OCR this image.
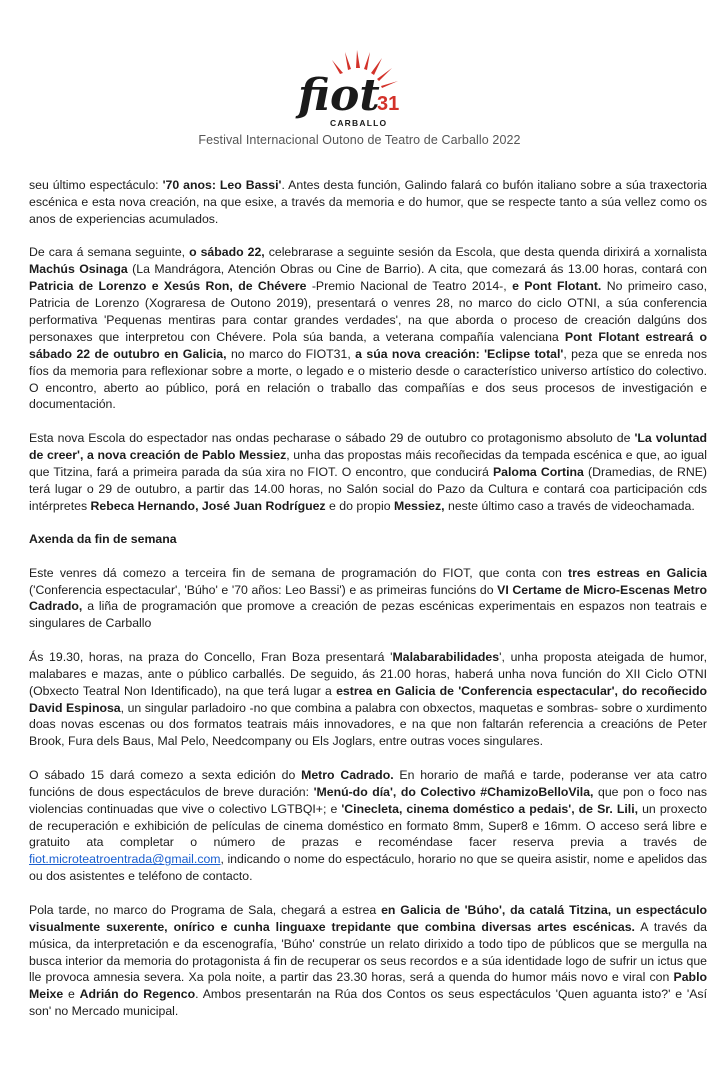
fiot
31
CARBALLO
Festival Internacional Outono de Teatro de Carballo 2022

seu último espectáculo: '70 anos: Leo Bassi'. Antes desta función, Galindo falará co bufón italiano sobre a súa traxectoria escénica e esta nova creación, na que esixe, a través da memoria e do humor, que se respecte tanto a súa vellez como os anos de experiencias acumulados.

De cara á semana seguinte, o sábado 22, celebrarase a seguinte sesión da Escola, que desta quenda dirixirá a xornalista Machús Osinaga (La Mandrágora, Atención Obras ou Cine de Barrio). A cita, que comezará ás 13.00 horas, contará con Patricia de Lorenzo e Xesús Ron, de Chévere -Premio Nacional de Teatro 2014-, e Pont Flotant. No primeiro caso, Patricia de Lorenzo (Xograresa de Outono 2019), presentará o venres 28, no marco do ciclo OTNI, a súa conferencia performativa 'Pequenas mentiras para contar grandes verdades', na que aborda o proceso de creación dalgúns dos personaxes que interpretou con Chévere. Pola súa banda, a veterana compañía valenciana Pont Flotant estreará o sábado 22 de outubro en Galicia, no marco do FIOT31, a súa nova creación: 'Eclipse total', peza que se enreda nos fíos da memoria para reflexionar sobre a morte, o legado e o misterio desde o característico universo artístico do colectivo. O encontro, aberto ao público, porá en relación o traballo das compañías e dos seus procesos de investigación e documentación.

Esta nova Escola do espectador nas ondas pecharase o sábado 29 de outubro co protagonismo absoluto de 'La voluntad de creer', a nova creación de Pablo Messiez, unha das propostas máis recoñecidas da tempada escénica e que, ao igual que Titzina, fará a primeira parada da súa xira no FIOT. O encontro, que conducirá Paloma Cortina (Dramedias, de RNE) terá lugar o 29 de outubro, a partir das 14.00 horas, no Salón social do Pazo da Cultura e contará coa participación cds intérpretes Rebeca Hernando, José Juan Rodríguez e do propio Messiez, neste último caso a través de videochamada.

Axenda da fin de semana

Este venres dá comezo a terceira fin de semana de programación do FIOT, que conta con tres estreas en Galicia ('Conferencia espectacular', 'Búho' e '70 años: Leo Bassi') e as primeiras funcións do VI Certame de Micro-Escenas Metro Cadrado, a liña de programación que promove a creación de pezas escénicas experimentais en espazos non teatrais e singulares de Carballo

Ás 19.30, horas, na praza do Concello, Fran Boza presentará 'Malabarabilidades', unha proposta ateigada de humor, malabares e mazas, ante o público carballés. De seguido, ás 21.00 horas, haberá unha nova función do XII Ciclo OTNI (Obxecto Teatral Non Identificado), na que terá lugar a estrea en Galicia de 'Conferencia espectacular', do recoñecido David Espinosa, un singular parladoiro -no que combina a palabra con obxectos, maquetas e sombras- sobre o xurdimento doas novas escenas ou dos formatos teatrais máis innovadores, e na que non faltarán referencia a creacións de Peter Brook, Fura dels Baus, Mal Pelo, Needcompany ou Els Joglars, entre outras voces singulares.

O sábado 15 dará comezo a sexta edición do Metro Cadrado. En horario de mañá e tarde, poderanse ver ata catro funcións de dous espectáculos de breve duración: 'Menú-do día', do Colectivo #ChamizoBelloVila, que pon o foco nas violencias continuadas que vive o colectivo LGTBQI+; e 'Cinecleta, cinema doméstico a pedais', de Sr. Lili, un proxecto de recuperación e exhibición de películas de cinema doméstico en formato 8mm, Super8 e 16mm. O acceso será libre e gratuito ata completar o número de prazas e recoméndase facer reserva previa a través de fiot.microteatroentrada@gmail.com, indicando o nome do espectáculo, horario no que se queira asistir, nome e apelidos das ou dos asistentes e teléfono de contacto.

Pola tarde, no marco do Programa de Sala, chegará a estrea en Galicia de 'Búho', da catalá Titzina, un espectáculo visualmente suxerente, onírico e cunha linguaxe trepidante que combina diversas artes escénicas. A través da música, da interpretación e da escenografía, 'Búho' constrúe un relato dirixido a todo tipo de públicos que se mergulla na busca interior da memoria do protagonista á fin de recuperar os seus recordos e a súa identidade logo de sufrir un ictus que lle provoca amnesia severa. Xa pola noite, a partir das 23.30 horas, será a quenda do humor máis novo e viral con Pablo Meixe e Adrián do Regenco. Ambos presentarán na Rúa dos Contos os seus espectáculos 'Quen aguanta isto?' e 'Así son' no Mercado municipal.
